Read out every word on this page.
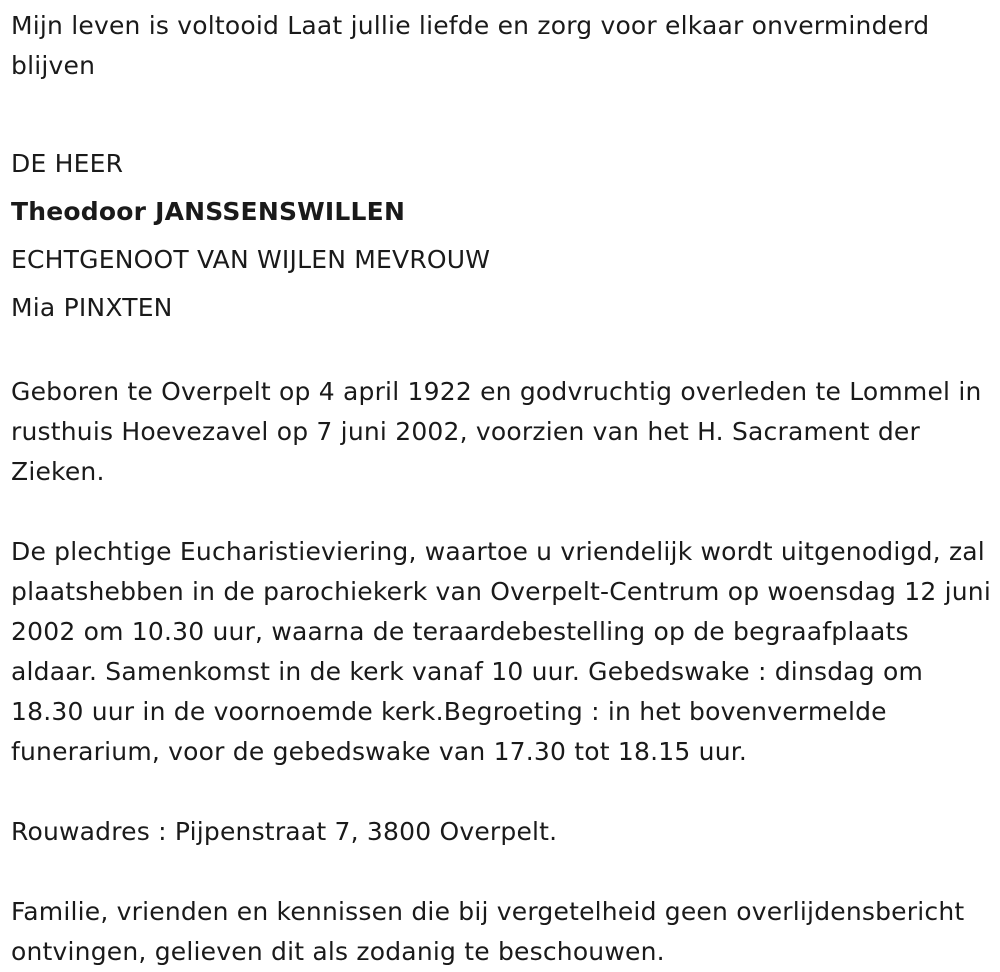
Mijn leven is voltooid Laat jullie liefde en zorg voor elkaar onverminderd blijven

DE HEER
Theodoor JANSSENSWILLEN
ECHTGENOOT VAN WIJLEN MEVROUW
Mia PINXTEN

Geboren te Overpelt op 4 april 1922 en godvruchtig overleden te Lommel in rusthuis Hoevezavel op 7 juni 2002, voorzien van het H. Sacrament der Zieken.

De plechtige Eucharistieviering, waartoe u vriendelijk wordt uitgenodigd, zal plaatshebben in de parochiekerk van Overpelt-Centrum op woensdag 12 juni 2002 om 10.30 uur, waarna de teraardebestelling op de begraafplaats aldaar. Samenkomst in de kerk vanaf 10 uur. Gebedswake : dinsdag om 18.30 uur in de voornoemde kerk.Begroeting : in het bovenvermelde funerarium, voor de gebedswake van 17.30 tot 18.15 uur.

Rouwadres : Pijpenstraat 7, 3800 Overpelt.

Familie, vrienden en kennissen die bij vergetelheid geen overlijdensbericht ontvingen, gelieven dit als zodanig te beschouwen.
